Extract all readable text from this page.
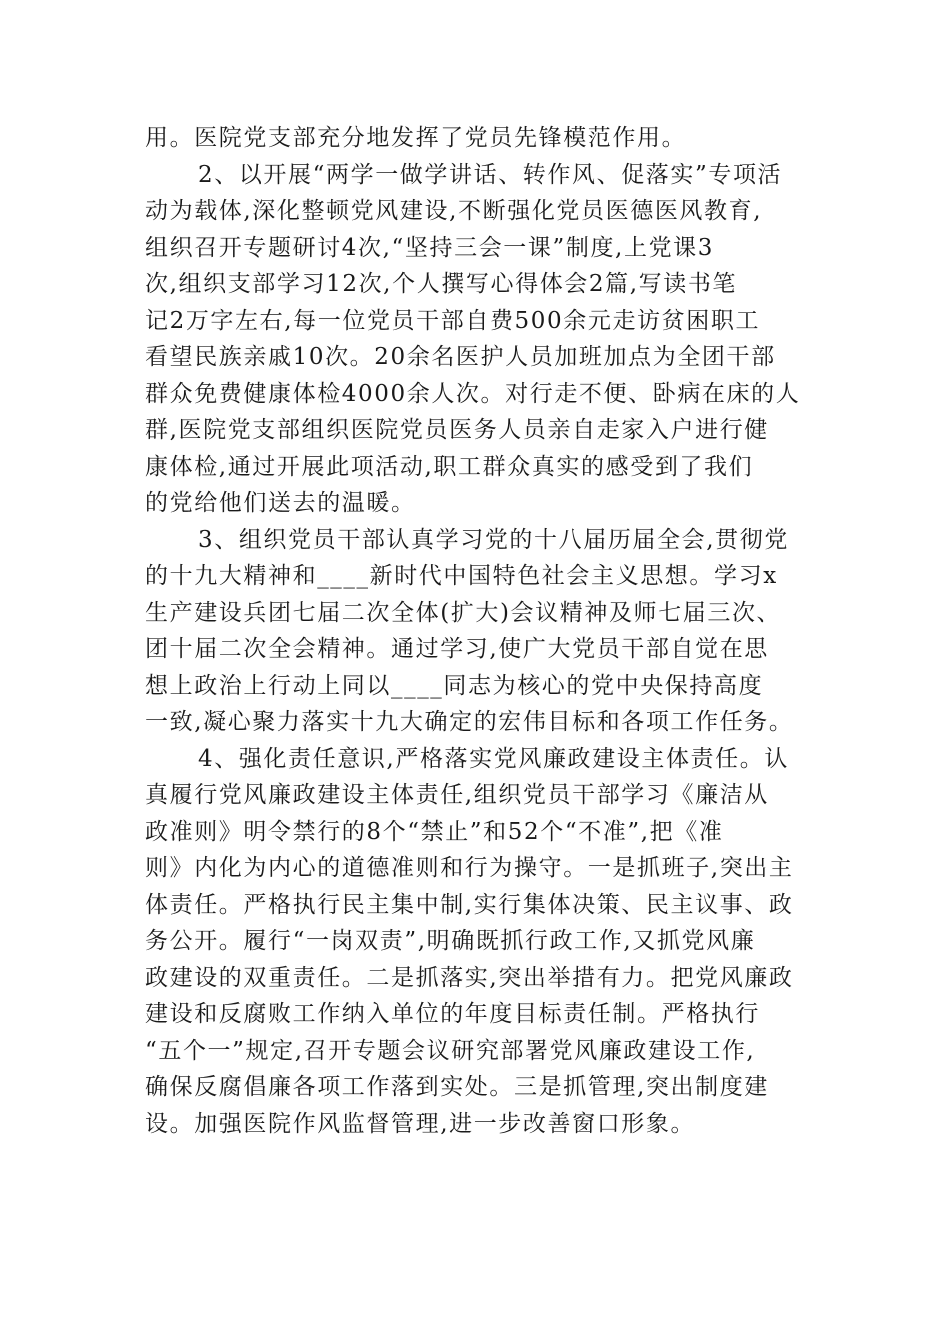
用。医院党支部充分地发挥了党员先锋模范作用。
2、以开展“两学一做学讲话、转作风、促落实”专项活
动为载体,深化整顿党风建设,不断强化党员医德医风教育,
组织召开专题研讨4次,“坚持三会一课”制度,上党课3
次,组织支部学习12次,个人撰写心得体会2篇,写读书笔
记2万字左右,每一位党员干部自费500余元走访贫困职工
看望民族亲戚10次。20余名医护人员加班加点为全团干部
群众免费健康体检4000余人次。对行走不便、卧病在床的人
群,医院党支部组织医院党员医务人员亲自走家入户进行健
康体检,通过开展此项活动,职工群众真实的感受到了我们
的党给他们送去的温暖。
3、组织党员干部认真学习党的十八届历届全会,贯彻党
的十九大精神和____新时代中国特色社会主义思想。学习x
生产建设兵团七届二次全体(扩大)会议精神及师七届三次、
团十届二次全会精神。通过学习,使广大党员干部自觉在思
想上政治上行动上同以____同志为核心的党中央保持高度
一致,凝心聚力落实十九大确定的宏伟目标和各项工作任务。
4、强化责任意识,严格落实党风廉政建设主体责任。认
真履行党风廉政建设主体责任,组织党员干部学习《廉洁从
政准则》明令禁行的8个“禁止”和52个“不准”,把《准
则》内化为内心的道德准则和行为操守。一是抓班子,突出主
体责任。严格执行民主集中制,实行集体决策、民主议事、政
务公开。履行“一岗双责”,明确既抓行政工作,又抓党风廉
政建设的双重责任。二是抓落实,突出举措有力。把党风廉政
建设和反腐败工作纳入单位的年度目标责任制。严格执行
“五个一”规定,召开专题会议研究部署党风廉政建设工作,
确保反腐倡廉各项工作落到实处。三是抓管理,突出制度建
设。加强医院作风监督管理,进一步改善窗口形象。
